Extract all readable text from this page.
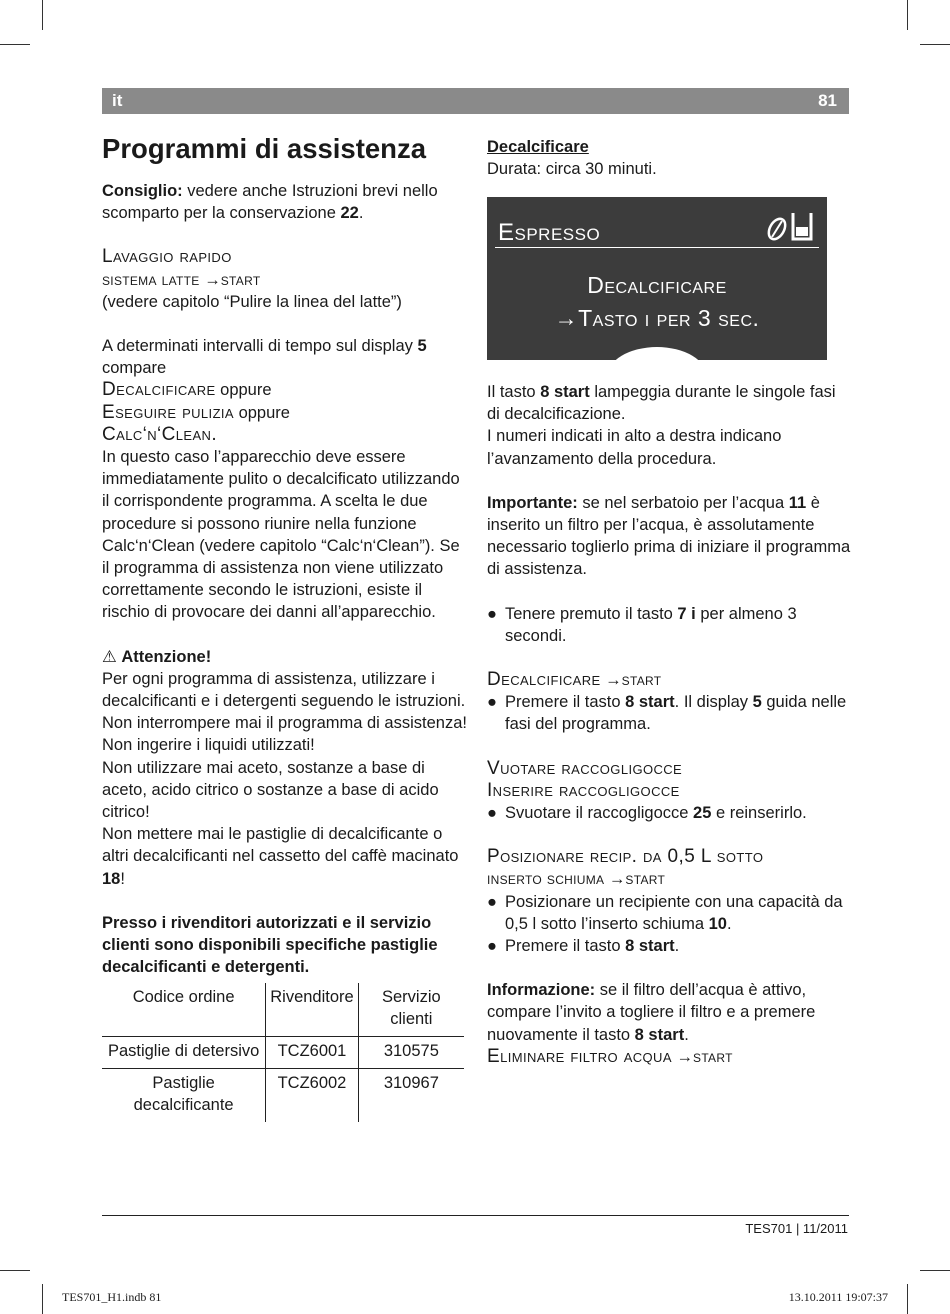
it	81
Programmi di assistenza

Consiglio: vedere anche Istruzioni brevi nello scomparto per la conservazione 22.

Lavaggio rapido
sistema latte →start
(vedere capitolo “Pulire la linea del latte”)

A determinati intervalli di tempo sul display 5 compare
Decalcificare oppure
Eseguire pulizia oppure
Calc‘n‘Clean.
In questo caso l’apparecchio deve essere immediatamente pulito o decalcificato utilizzando il corrispondente programma. A scelta le due procedure si possono riunire nella funzione Calc‘n‘Clean (vedere capitolo “Calc‘n‘Clean”). Se il programma di assistenza non viene utilizzato correttamente secondo le istruzioni, esiste il rischio di provocare dei danni all’apparecchio.

⚠ Attenzione!

Per ogni programma di assistenza, utilizzare i decalcificanti e i detergenti seguendo le istruzioni. Non interrompere mai il programma di assistenza!

Non ingerire i liquidi utilizzati!

Non utilizzare mai aceto, sostanze a base di aceto, acido citrico o sostanze a base di acido citrico!

Non mettere mai le pastiglie di decalcificante o altri decalcificanti nel cassetto del caffè macinato 18!

Presso i rivenditori autorizzati e il servizio clienti sono disponibili specifiche pastiglie decalcificanti e detergenti.

Codice ordine	Rivenditore	Servizio clienti
Pastiglie di detersivo	TCZ6001	310575
Pastiglie decalcificante	TCZ6002	310967

Decalcificare

Durata: circa 30 minuti.

Espresso
Decalcificare
→Tasto i per 3 sec.

Il tasto 8 start lampeggia durante le singole fasi di decalcificazione.

I numeri indicati in alto a destra indicano l’avanzamento della procedura.

Importante: se nel serbatoio per l’acqua 11 è inserito un filtro per l’acqua, è assolutamente necessario toglierlo prima di iniziare il programma di assistenza.

● Tenere premuto il tasto 7 i per almeno 3 secondi.

Decalcificare →start

● Premere il tasto 8 start. Il display 5 guida nelle fasi del programma.

Vuotare raccogligocce
Inserire raccogligocce

● Svuotare il raccogligocce 25 e reinserirlo.

Posizionare recip. da 0,5 L sotto
inserto schiuma →start

● Posizionare un recipiente con una capacità da 0,5 l sotto l’inserto schiuma 10.
● Premere il tasto 8 start.

Informazione: se il filtro dell’acqua è attivo, compare l’invito a togliere il filtro e a premere nuovamente il tasto 8 start.

Eliminare filtro acqua →start

TES701 | 11/2011
TES701_H1.indb 81	13.10.2011 19:07:37
